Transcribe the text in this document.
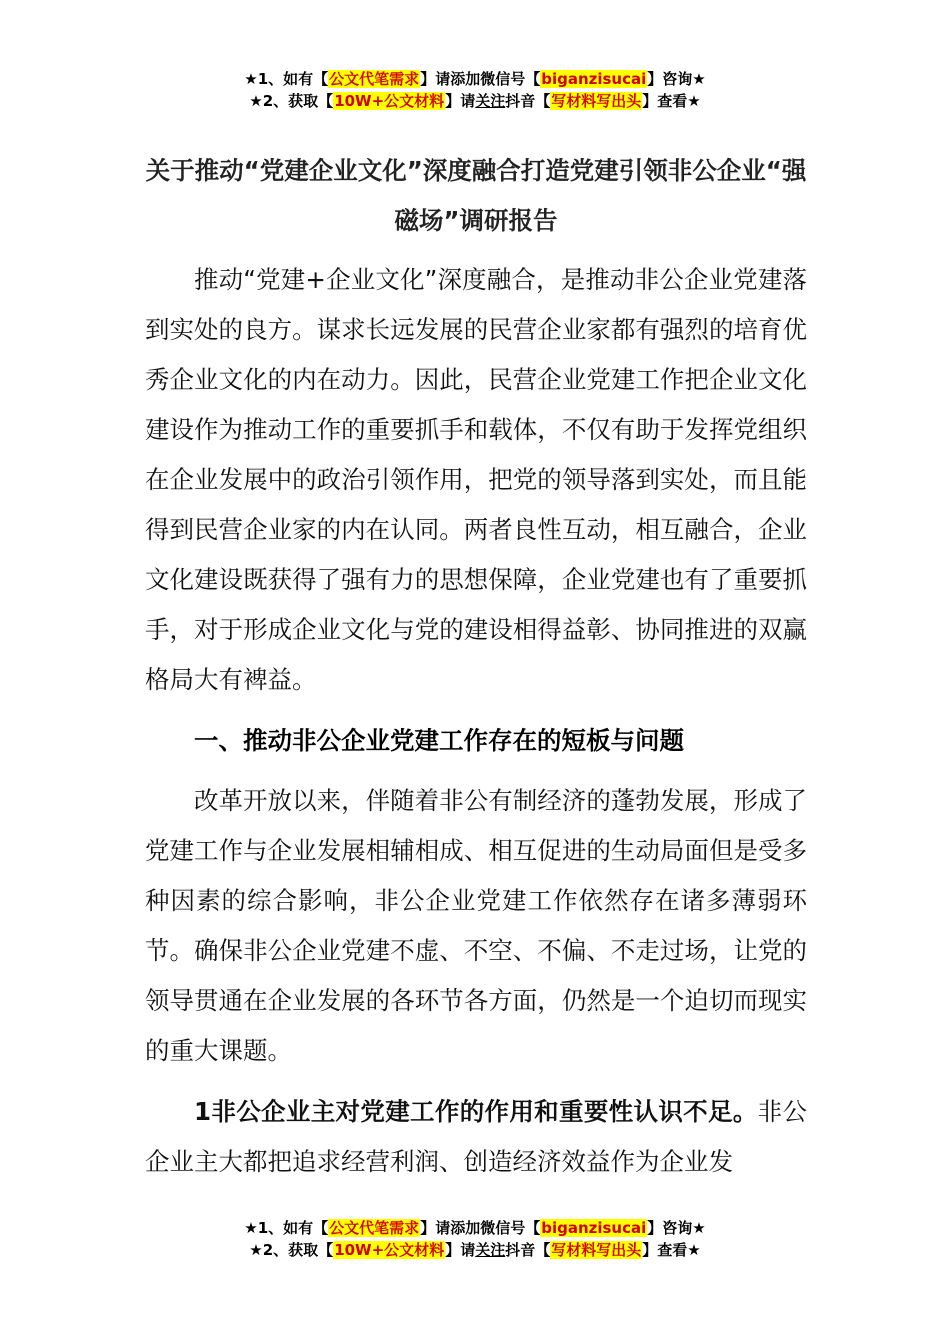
★1、如有【公文代笔需求】请添加微信号【biganzisucai】咨询★
★2、获取【10W+公文材料】请关注抖音【写材料写出头】查看★
关于推动“党建企业文化”深度融合打造党建引领非公企业“强磁场”调研报告

推动“党建+企业文化”深度融合，是推动非公企业党建落到实处的良方。谋求长远发展的民营企业家都有强烈的培育优秀企业文化的内在动力。因此，民营企业党建工作把企业文化建设作为推动工作的重要抓手和载体，不仅有助于发挥党组织在企业发展中的政治引领作用，把党的领导落到实处，而且能得到民营企业家的内在认同。两者良性互动，相互融合，企业文化建设既获得了强有力的思想保障，企业党建也有了重要抓手，对于形成企业文化与党的建设相得益彰、协同推进的双赢格局大有裨益。

一、推动非公企业党建工作存在的短板与问题

改革开放以来，伴随着非公有制经济的蓬勃发展，形成了党建工作与企业发展相辅相成、相互促进的生动局面但是受多种因素的综合影响，非公企业党建工作依然存在诸多薄弱环节。确保非公企业党建不虚、不空、不偏、不走过场，让党的领导贯通在企业发展的各环节各方面，仍然是一个迫切而现实的重大课题。

1非公企业主对党建工作的作用和重要性认识不足。非公企业主大都把追求经营利润、创造经济效益作为企业发

★1、如有【公文代笔需求】请添加微信号【biganzisucai】咨询★
★2、获取【10W+公文材料】请关注抖音【写材料写出头】查看★
